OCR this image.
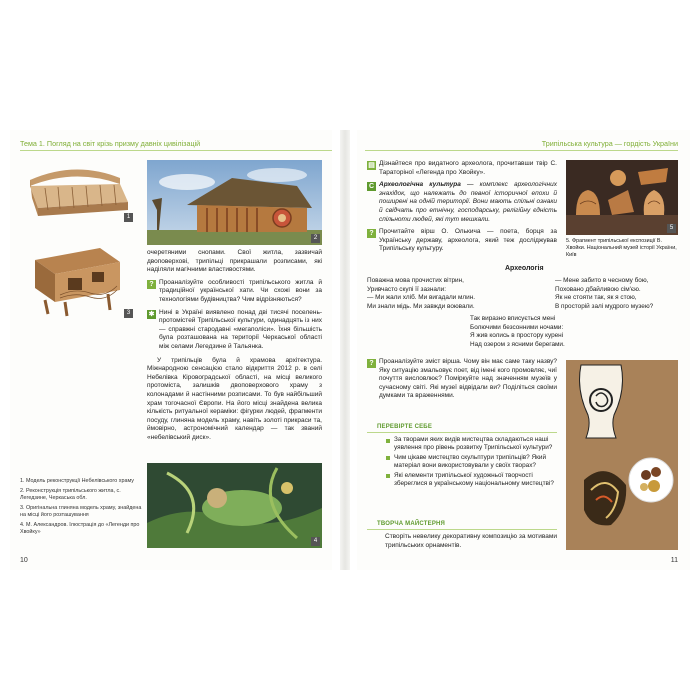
Тема 1. Погляд на світ крізь призму давніх цивілізацій	Трипільська культура — гордість України
1
2
3

очеретяними снопами. Свої житла, зазвичай двоповерхові, трипільці прикрашали розписами, які наділяли магічними властивостями.

? Проаналізуйте особливості трипільського житла й традиційної української хати. Чи схожі вони за технологіями будівництва? Чим відрізняються?
✱ Нині в Україні виявлено понад дві тисячі поселень-протомістей Трипільської культури, одинадцять із них — справжні стародавні «мегаполіси». Їхня більшість була розташована на території Черкаської області між селами Легедзине й Тальянка.

У трипільців була й храмова архітектура. Міжнародною сенсацією стало відкриття 2012 р. в селі Небелівка Кіровоградської області, на місці великого протоміста, залишків двоповерхового храму з колонадами й настінними розписами. То був найбільший храм тогочасної Європи. На його місці знайдена велика кількість ритуальної кераміки: фігурки людей, фрагменти посуду, глиняна модель храму, навіть золоті прикраси та, ймовірно, астрономічний календар — так званий «небелівський диск».

4
1. Модель реконструкції Небелівського храму
2. Реконструкція трипільського житла, с. Легедзине, Черкаська обл.
3. Оригінальна глиняна модель храму, знайдена на місці його розташування
4. М. Александров. Ілюстрація до «Легенди про Хвойку»
10
▤ Дізнайтеся про видатного археолога, прочитавши твір С. Тараторіної «Легенда про Хвойку».
С Археологічна культура — комплекс археологічних знахідок, що належать до певної історичної епохи й поширені на одній території. Вони мають спільні ознаки й свідчать про етнічну, господарську, релігійну єдність спільноти людей, які тут мешкали.
? Прочитайте вірш О. Олькича — поета, борця за Українську державу, археолога, який теж досліджував Трипільську культуру.
5
5. Фрагмент трипільської експозиції В. Хвойки. Національний музей історії України, Київ
Археологія
Поважна мова прочистих вітрин,
Уривчасто скупі її зазнали:
— Ми жали хліб. Ми вигадали млин.
Ми знали мідь. Ми завжди воювали.
— Мене забито в чесному бою,
Поховано дбайливою сім'єю.
Як не стояти так, як я стою,
В просторій залі мудрого музею?
Так виразно вписується мені
Болючими безсонними ночами:
Я жив колись в простору курені
Над озером з ясними берегами.
? Проаналізуйте зміст вірша. Чому він має саме таку назву? Яку ситуацію змальовує поет, від імені кого промовляє, чиї почуття висловлює? Поміркуйте над значенням музеїв у сучасному світі. Які музеї відвідали ви? Поділіться своїми думками та враженнями.
ПЕРЕВІРТЕ СЕБЕ
За творами яких видів мистецтва складаються наші уявлення про рівень розвитку Трипільської культури?
Чим цікаве мистецтво скульптури трипільців? Який матеріал вони використовували у своїх творах?
Які елементи трипільської художньої творчості збереглися в українському національному мистецтві?
ТВОРЧА МАЙСТЕРНЯ
Створіть невелику декоративну композицію за мотивами трипільських орнаментів.
11
